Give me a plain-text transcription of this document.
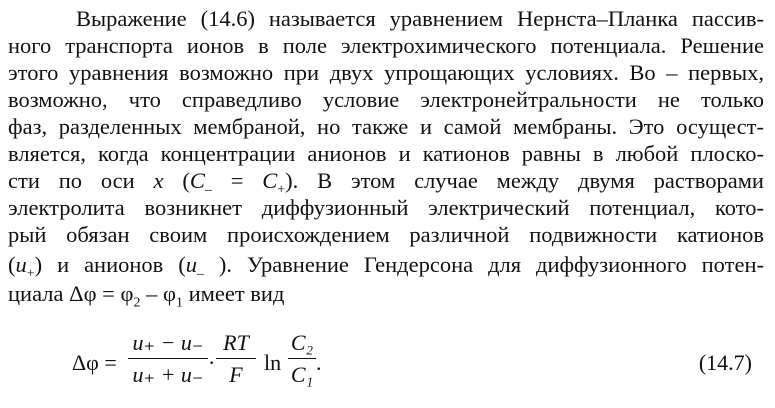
Выражение (14.6) называется уравнением Нернста–Планка пассив-
ного транспорта ионов в поле электрохимического потенциала. Решение
этого уравнения возможно при двух упрощающих условиях. Во – первых,
возможно, что справедливо условие электронейтральности не только
фаз, разделенных мембраной, но также и самой мембраны. Это осущест-
вляется, когда концентрации анионов и катионов равны в любой плоско-
сти по оси x $(С_- = С_+)$. В этом случае между двумя растворами
электролита возникнет диффузионный электрический потенциал, кото-
рый обязан своим происхождением различной подвижности катионов
$(u_+)$ и анионов ($u_-$ ). Уравнение Гендерсона для диффузионного потен-
циала $\Delta\varphi = \varphi_2 - \varphi_1$ имеет вид
Δφ =
u₊ − u₋
u₊ + u₋ ·
RT
F ln
C₂
C₁ .	(14.7)
